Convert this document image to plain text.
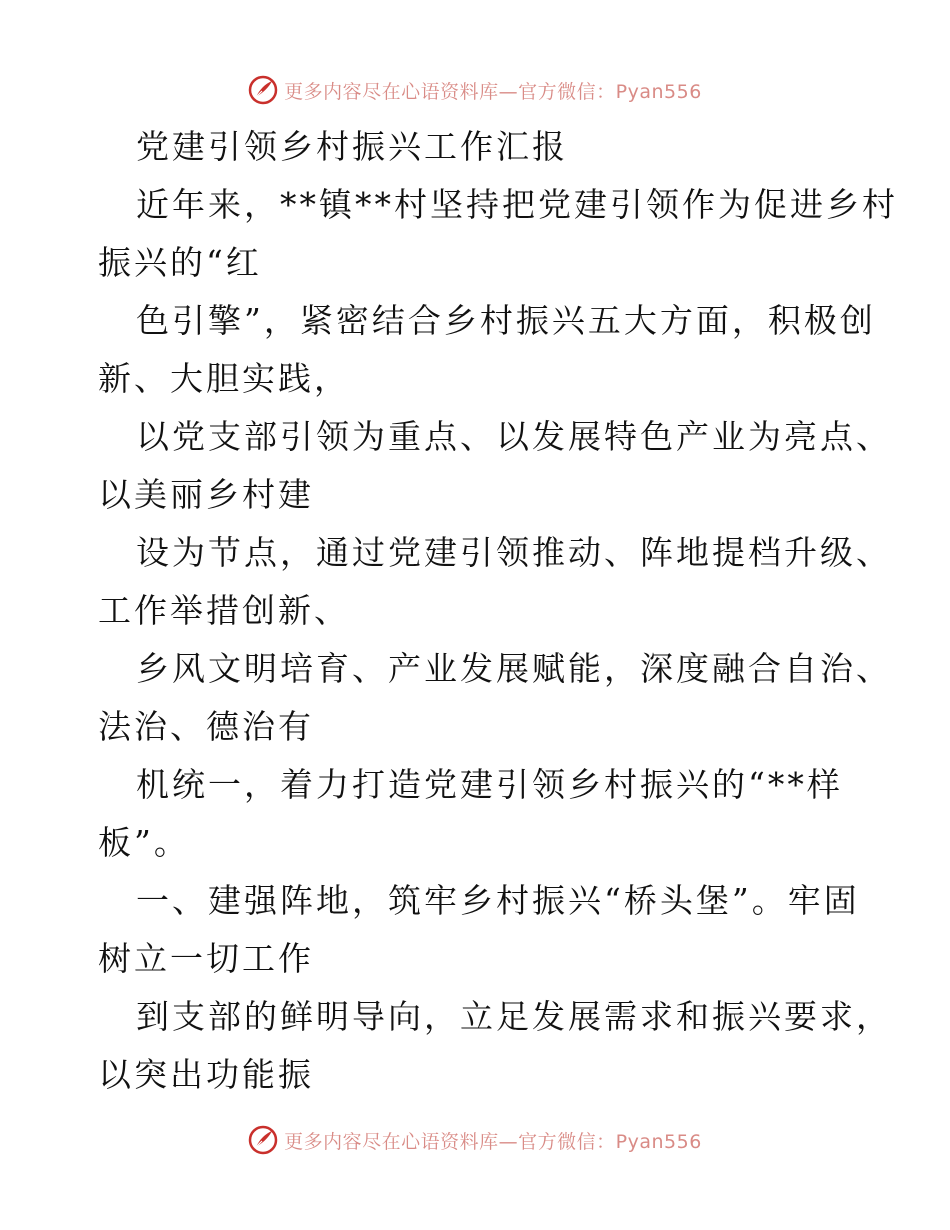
更多内容尽在心语资料库—官方微信：Pyan556
党建引领乡村振兴工作汇报
近年来，**镇**村坚持把党建引领作为促进乡村
振兴的“红
色引擎”，紧密结合乡村振兴五大方面，积极创
新、大胆实践，
以党支部引领为重点、以发展特色产业为亮点、
以美丽乡村建
设为节点，通过党建引领推动、阵地提档升级、
工作举措创新、
乡风文明培育、产业发展赋能，深度融合自治、
法治、德治有
机统一，着力打造党建引领乡村振兴的“**样
板”。
一、建强阵地，筑牢乡村振兴“桥头堡”。牢固
树立一切工作
到支部的鲜明导向，立足发展需求和振兴要求，
以突出功能振
更多内容尽在心语资料库—官方微信：Pyan556
